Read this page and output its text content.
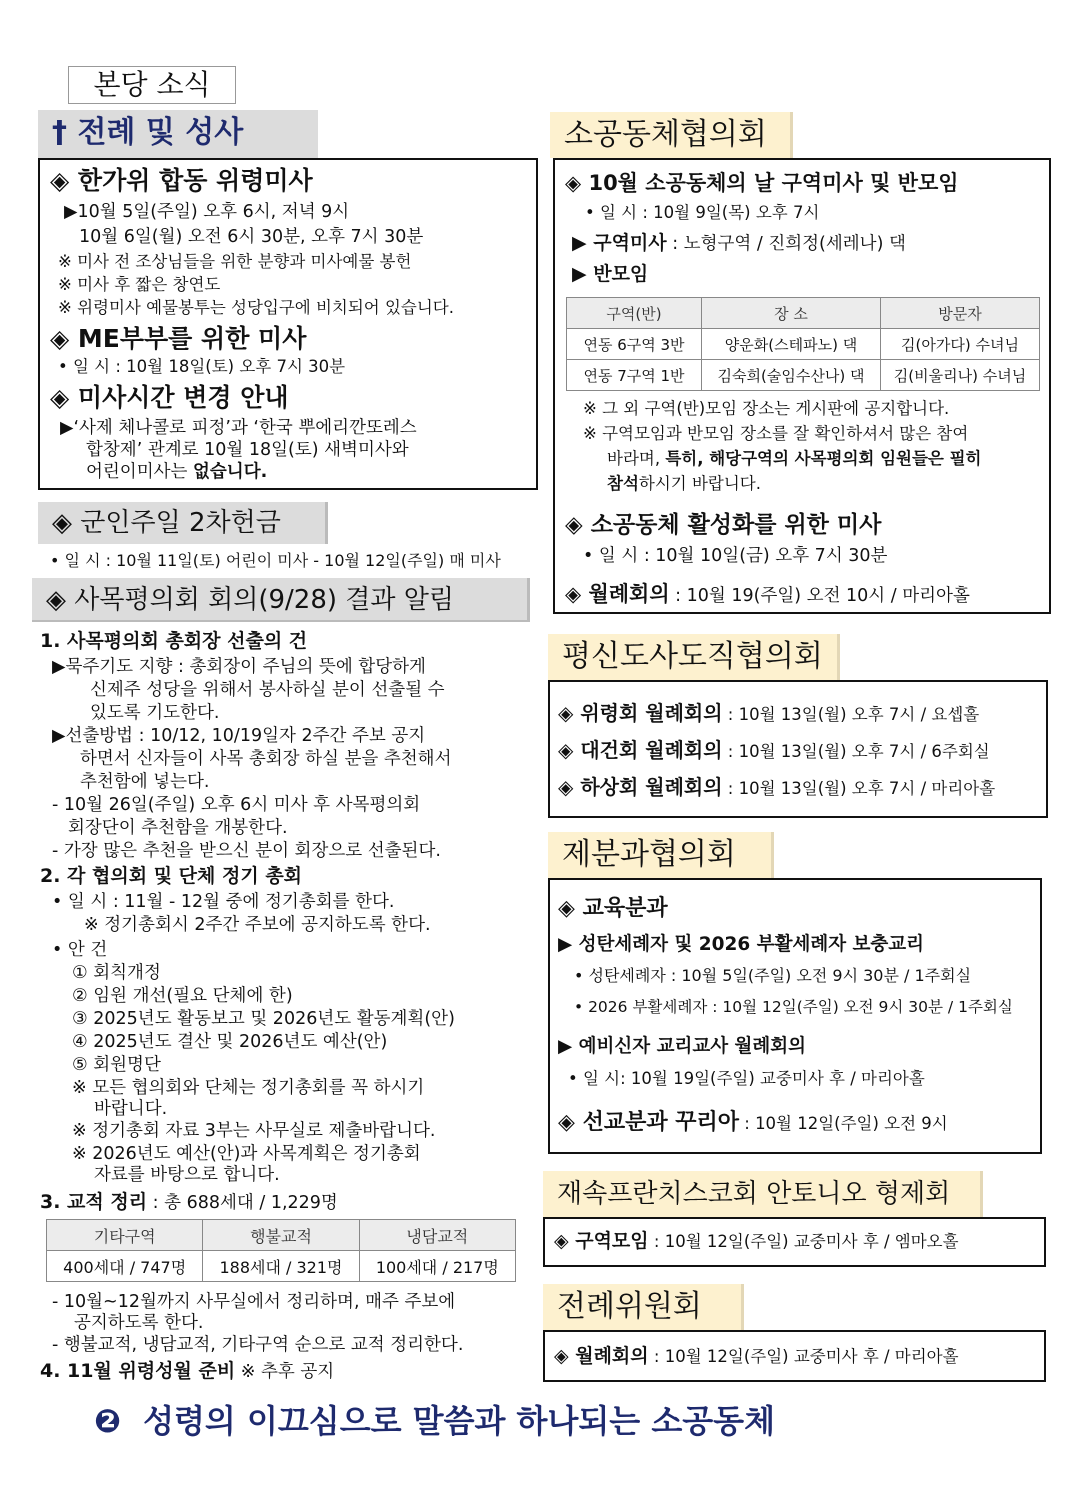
본당 소식
† 전례 및 성사
◈ 한가위 합동 위령미사
▶10월 5일(주일) 오후 6시, 저녁 9시
10월 6일(월) 오전 6시 30분, 오후 7시 30분
※ 미사 전 조상님들을 위한 분향과 미사예물 봉헌
※ 미사 후 짧은 창연도
※ 위령미사 예물봉투는 성당입구에 비치되어 있습니다.
◈ ME부부를 위한 미사
• 일 시 : 10월 18일(토) 오후 7시 30분
◈ 미사시간 변경 안내
▶‘사제 체나콜로 피정’과 ‘한국 뿌에리깐또레스
합창제’ 관계로 10월 18일(토) 새벽미사와
어린이미사는 없습니다.
◈ 군인주일 2차헌금
• 일 시 : 10월 11일(토) 어린이 미사 - 10월 12일(주일) 매 미사
◈ 사목평의회 회의(9/28) 결과 알림
1. 사목평의회 총회장 선출의 건
▶묵주기도 지향 : 총회장이 주님의 뜻에 합당하게
신제주 성당을 위해서 봉사하실 분이 선출될 수
있도록 기도한다.
▶선출방법 : 10/12, 10/19일자 2주간 주보 공지
하면서 신자들이 사목 총회장 하실 분을 추천해서
추천함에 넣는다.
- 10월 26일(주일) 오후 6시 미사 후 사목평의회
회장단이 추천함을 개봉한다.
- 가장 많은 추천을 받으신 분이 회장으로 선출된다.
2. 각 협의회 및 단체 정기 총회
• 일 시 : 11월 - 12월 중에 정기총회를 한다.
※ 정기총회시 2주간 주보에 공지하도록 한다.
• 안 건
① 회칙개정
② 임원 개선(필요 단체에 한)
③ 2025년도 활동보고 및 2026년도 활동계획(안)
④ 2025년도 결산 및 2026년도 예산(안)
⑤ 회원명단
※ 모든 협의회와 단체는 정기총회를 꼭 하시기
바랍니다.
※ 정기총회 자료 3부는 사무실로 제출바랍니다.
※ 2026년도 예산(안)과 사목계획은 정기총회
자료를 바탕으로 합니다.
3. 교적 정리 : 총 688세대 / 1,229명
기타구역	행불교적	냉담교적
400세대 / 747명	188세대 / 321명	100세대 / 217명
- 10월~12월까지 사무실에서 정리하며, 매주 주보에
공지하도록 한다.
- 행불교적, 냉담교적, 기타구역 순으로 교적 정리한다.
4. 11월 위령성월 준비 ※ 추후 공지
소공동체협의회
◈ 10월 소공동체의 날 구역미사 및 반모임
• 일 시 : 10월 9일(목) 오후 7시
▶ 구역미사 : 노형구역 / 진희정(세레나) 댁
▶ 반모임
구역(반)	장 소	방문자
연동 6구역 3반	양운화(스테파노) 댁	김(아가다) 수녀님
연동 7구역 1반	김숙희(술임수산나) 댁	김(비울리나) 수녀님
※ 그 외 구역(반)모임 장소는 게시판에 공지합니다.
※ 구역모임과 반모임 장소를 잘 확인하셔서 많은 참여
바라며, 특히, 해당구역의 사목평의회 임원들은 필히
참석하시기 바랍니다.
◈ 소공동체 활성화를 위한 미사
• 일 시 : 10월 10일(금) 오후 7시 30분
◈ 월례회의 : 10월 19(주일) 오전 10시 / 마리아홀
평신도사도직협의회
◈ 위령회 월례회의 : 10월 13일(월) 오후 7시 / 요셉홀
◈ 대건회 월례회의 : 10월 13일(월) 오후 7시 / 6주회실
◈ 하상회 월례회의 : 10월 13일(월) 오후 7시 / 마리아홀
제분과협의회
◈ 교육분과
▶ 성탄세례자 및 2026 부활세례자 보충교리
• 성탄세례자 : 10월 5일(주일) 오전 9시 30분 / 1주회실
• 2026 부활세례자 : 10월 12일(주일) 오전 9시 30분 / 1주회실
▶ 예비신자 교리교사 월례회의
• 일 시: 10월 19일(주일) 교중미사 후 / 마리아홀
◈ 선교분과 꾸리아 : 10월 12일(주일) 오전 9시
재속프란치스코회 안토니오 형제회
◈ 구역모임 : 10월 12일(주일) 교중미사 후 / 엠마오홀
전례위원회
◈ 월례회의 : 10월 12일(주일) 교중미사 후 / 마리아홀
❷ 성령의 이끄심으로 말씀과 하나되는 소공동체
